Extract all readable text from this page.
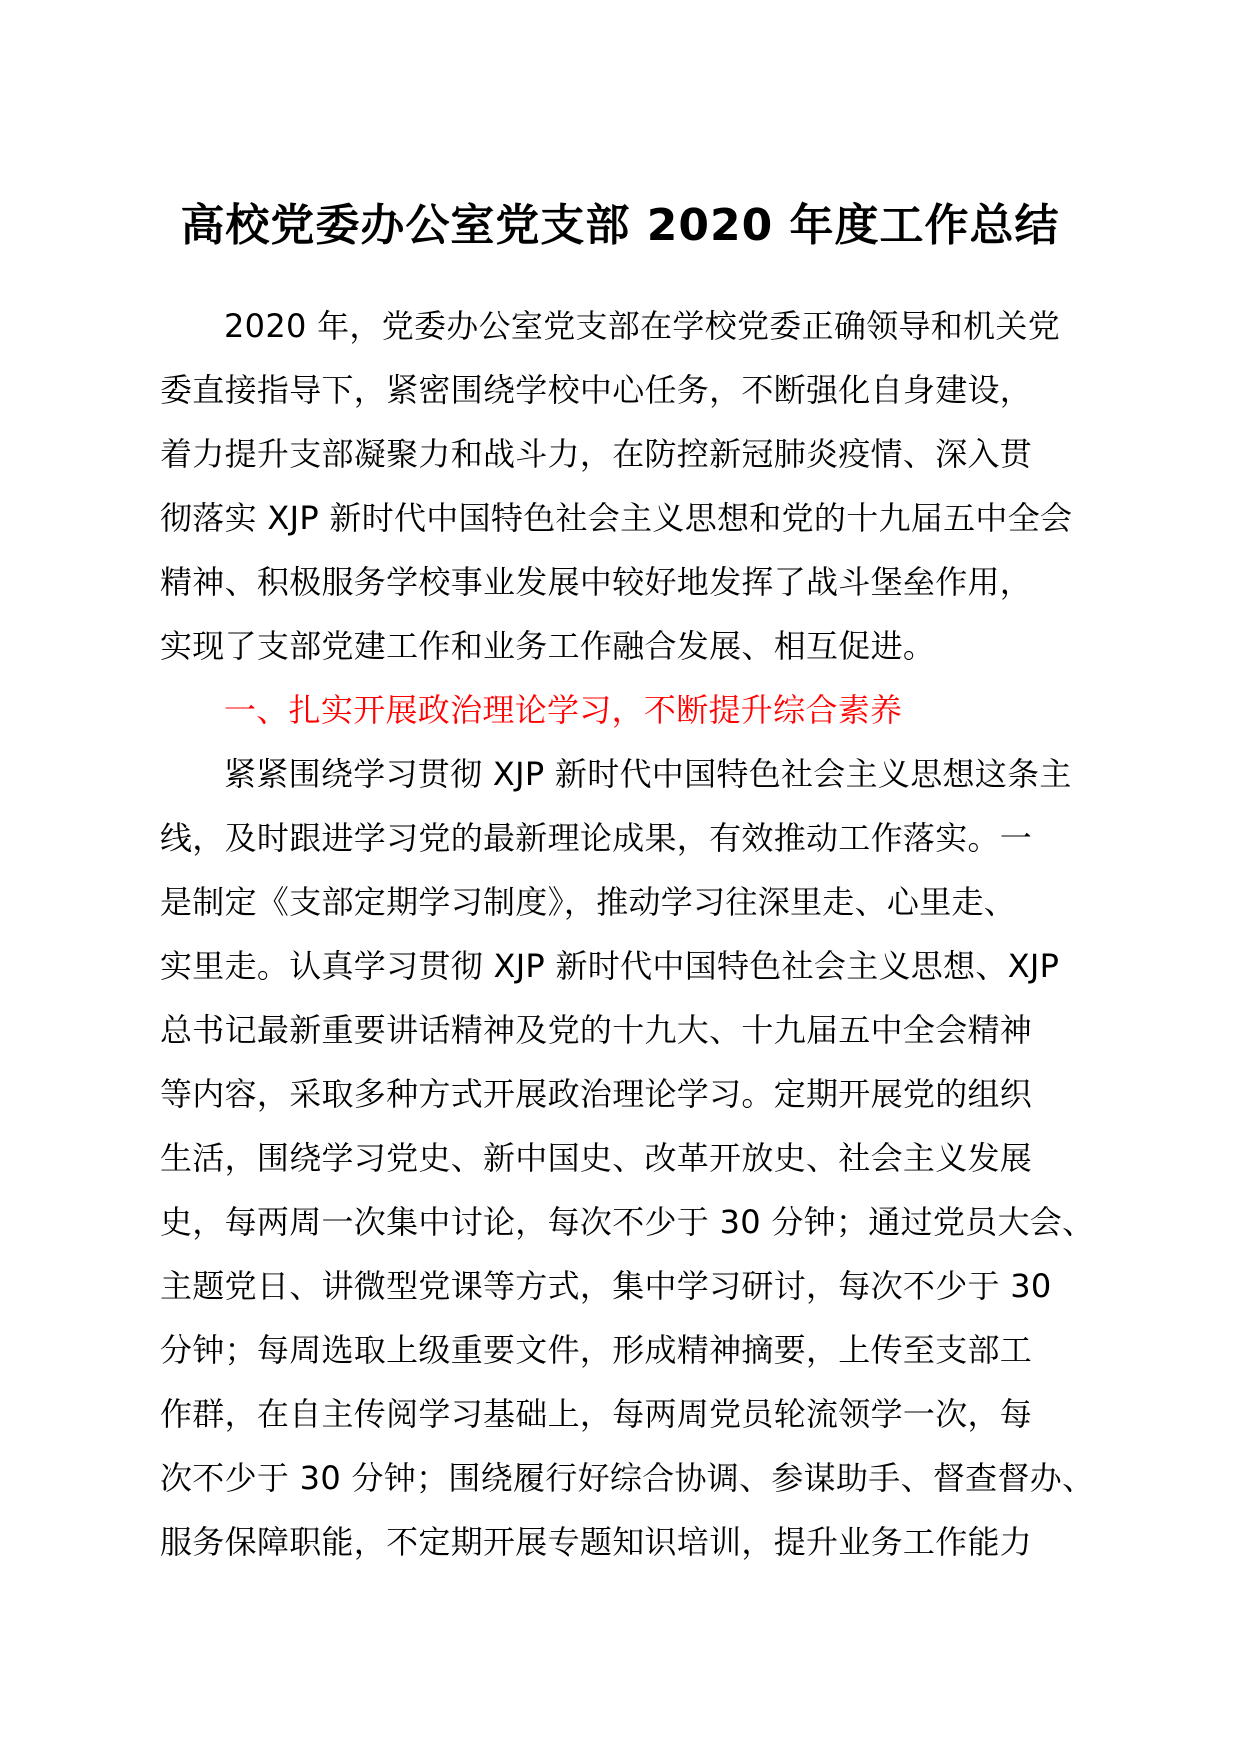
高校党委办公室党支部 2020 年度工作总结
2020 年，党委办公室党支部在学校党委正确领导和机关党
委直接指导下，紧密围绕学校中心任务，不断强化自身建设，
着力提升支部凝聚力和战斗力，在防控新冠肺炎疫情、深入贯
彻落实 XJP 新时代中国特色社会主义思想和党的十九届五中全会
精神、积极服务学校事业发展中较好地发挥了战斗堡垒作用，
实现了支部党建工作和业务工作融合发展、相互促进。
一、扎实开展政治理论学习，不断提升综合素养
紧紧围绕学习贯彻 XJP 新时代中国特色社会主义思想这条主
线，及时跟进学习党的最新理论成果，有效推动工作落实。一
是制定《支部定期学习制度》，推动学习往深里走、心里走、
实里走。认真学习贯彻 XJP 新时代中国特色社会主义思想、XJP
总书记最新重要讲话精神及党的十九大、十九届五中全会精神
等内容，采取多种方式开展政治理论学习。定期开展党的组织
生活，围绕学习党史、新中国史、改革开放史、社会主义发展
史，每两周一次集中讨论，每次不少于 30 分钟；通过党员大会、
主题党日、讲微型党课等方式，集中学习研讨，每次不少于 30
分钟；每周选取上级重要文件，形成精神摘要，上传至支部工
作群，在自主传阅学习基础上，每两周党员轮流领学一次，每
次不少于 30 分钟；围绕履行好综合协调、参谋助手、督查督办、
服务保障职能，不定期开展专题知识培训，提升业务工作能力
